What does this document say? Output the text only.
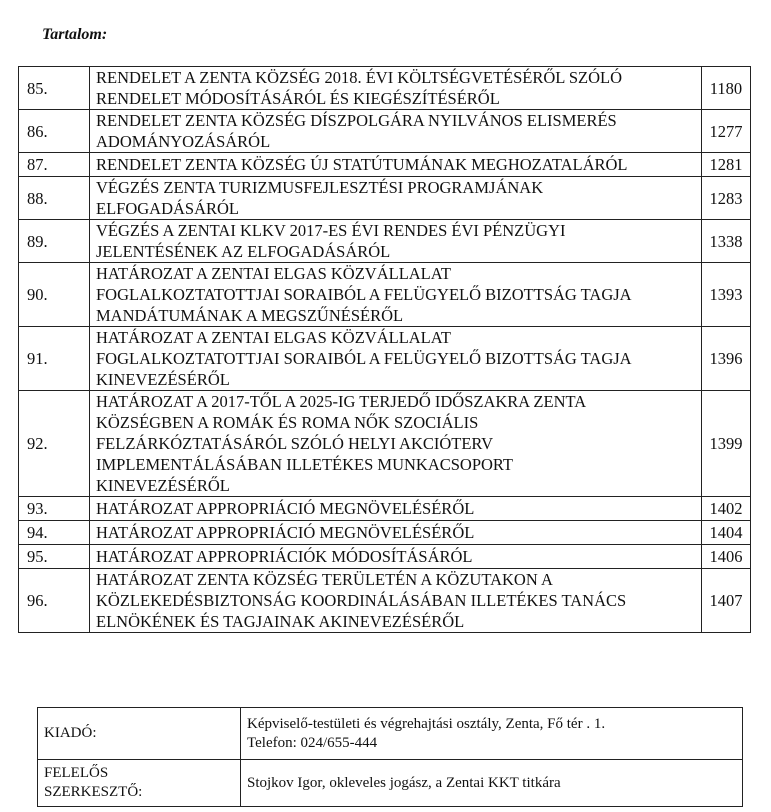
Tartalom:
85.	RENDELET A ZENTA KÖZSÉG 2018. ÉVI KÖLTSÉGVETÉSÉRŐL SZÓLÓ
RENDELET MÓDOSÍTÁSÁRÓL ÉS KIEGÉSZÍTÉSÉRŐL	1180
86.	RENDELET ZENTA KÖZSÉG DÍSZPOLGÁRA NYILVÁNOS ELISMERÉS
ADOMÁNYOZÁSÁRÓL	1277
87.	RENDELET ZENTA KÖZSÉG ÚJ STATÚTUMÁNAK MEGHOZATALÁRÓL	1281
88.	VÉGZÉS ZENTA TURIZMUSFEJLESZTÉSI PROGRAMJÁNAK
ELFOGADÁSÁRÓL	1283
89.	VÉGZÉS A ZENTAI KLKV 2017-ES ÉVI RENDES ÉVI PÉNZÜGYI
JELENTÉSÉNEK AZ ELFOGADÁSÁRÓL	1338
90.	HATÁROZAT A ZENTAI ELGAS KÖZVÁLLALAT
FOGLALKOZTATOTTJAI SORAIBÓL A FELÜGYELŐ BIZOTTSÁG TAGJA
MANDÁTUMÁNAK A MEGSZŰNÉSÉRŐL	1393
91.	HATÁROZAT A ZENTAI ELGAS KÖZVÁLLALAT
FOGLALKOZTATOTTJAI SORAIBÓL A FELÜGYELŐ BIZOTTSÁG TAGJA
KINEVEZÉSÉRŐL	1396
92.	HATÁROZAT A 2017-TŐL A 2025-IG TERJEDŐ IDŐSZAKRA ZENTA
KÖZSÉGBEN A ROMÁK ÉS ROMA NŐK SZOCIÁLIS
FELZÁRKÓZTATÁSÁRÓL SZÓLÓ HELYI AKCIÓTERV
IMPLEMENTÁLÁSÁBAN ILLETÉKES MUNKACSOPORT
KINEVEZÉSÉRŐL	1399
93.	HATÁROZAT APPROPRIÁCIÓ MEGNÖVELÉSÉRŐL	1402
94.	HATÁROZAT APPROPRIÁCIÓ MEGNÖVELÉSÉRŐL	1404
95.	HATÁROZAT APPROPRIÁCIÓK MÓDOSÍTÁSÁRÓL	1406
96.	HATÁROZAT ZENTA KÖZSÉG TERÜLETÉN A KÖZUTAKON A
KÖZLEKEDÉSBIZTONSÁG KOORDINÁLÁSÁBAN ILLETÉKES TANÁCS
ELNÖKÉNEK ÉS TAGJAINAK AKINEVEZÉSÉRŐL	1407
KIADÓ:	Képviselő-testületi és végrehajtási osztály, Zenta, Fő tér . 1.
Telefon: 024/655-444
FELELŐS
SZERKESZTŐ:	Stojkov Igor, okleveles jogász, a Zentai KKT titkára
